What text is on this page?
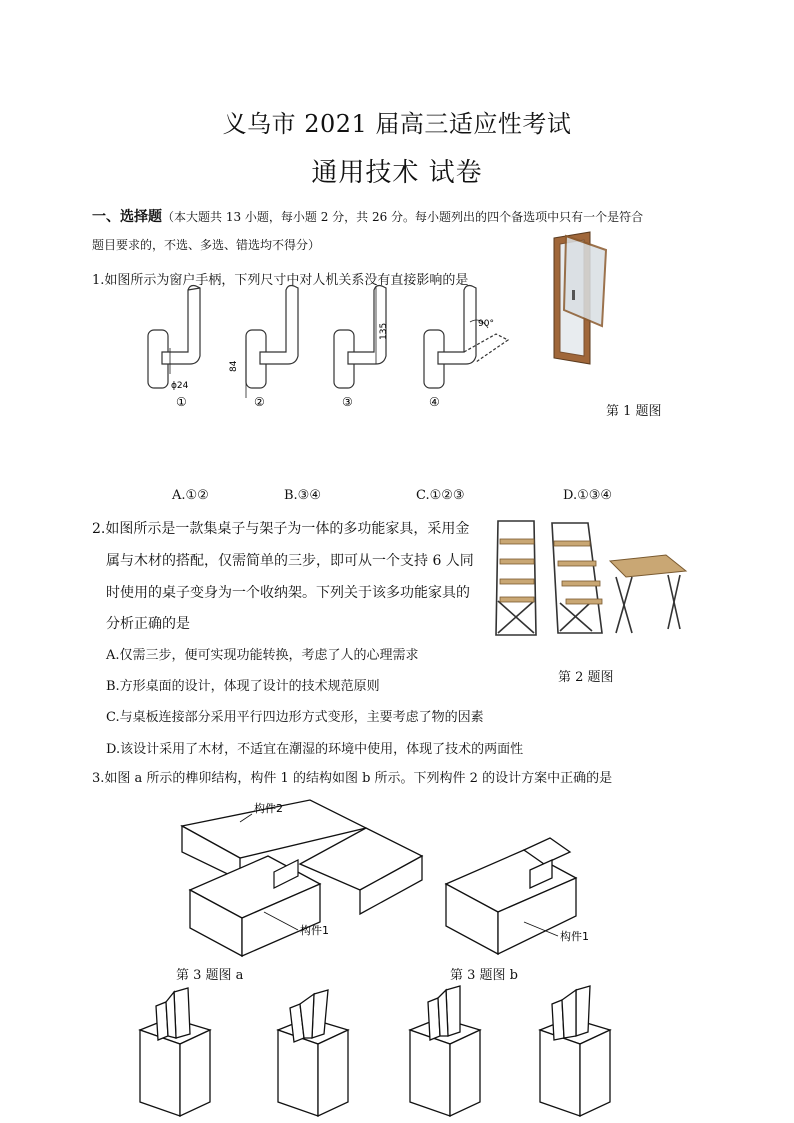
义乌市 2021 届高三适应性考试
通用技术 试卷
一、选择题（本大题共 13 小题，每小题 2 分，共 26 分。每小题列出的四个备选项中只有一个是符合
题目要求的，不选、多选、错选均不得分）
1.如图所示为窗户手柄，下列尺寸中对人机关系没有直接影响的是
ϕ24
84
135	90°
①	②	③	④
第 1 题图
A.①②	B.③④	C.①②③	D.①③④
2.如图所示是一款集桌子与架子为一体的多功能家具，采用金
属与木材的搭配，仅需简单的三步，即可从一个支持 6 人同
时使用的桌子变身为一个收纳架。下列关于该多功能家具的
分析正确的是
第 2 题图
A.仅需三步，便可实现功能转换，考虑了人的心理需求
B.方形桌面的设计，体现了设计的技术规范原则
C.与桌板连接部分采用平行四边形方式变形，主要考虑了物的因素
D.该设计采用了木材，不适宜在潮湿的环境中使用，体现了技术的两面性
3.如图 a 所示的榫卯结构，构件 1 的结构如图 b 所示。下列构件 2 的设计方案中正确的是
构件2
构件1
第 3 题图 a
构件1
第 3 题图 b
